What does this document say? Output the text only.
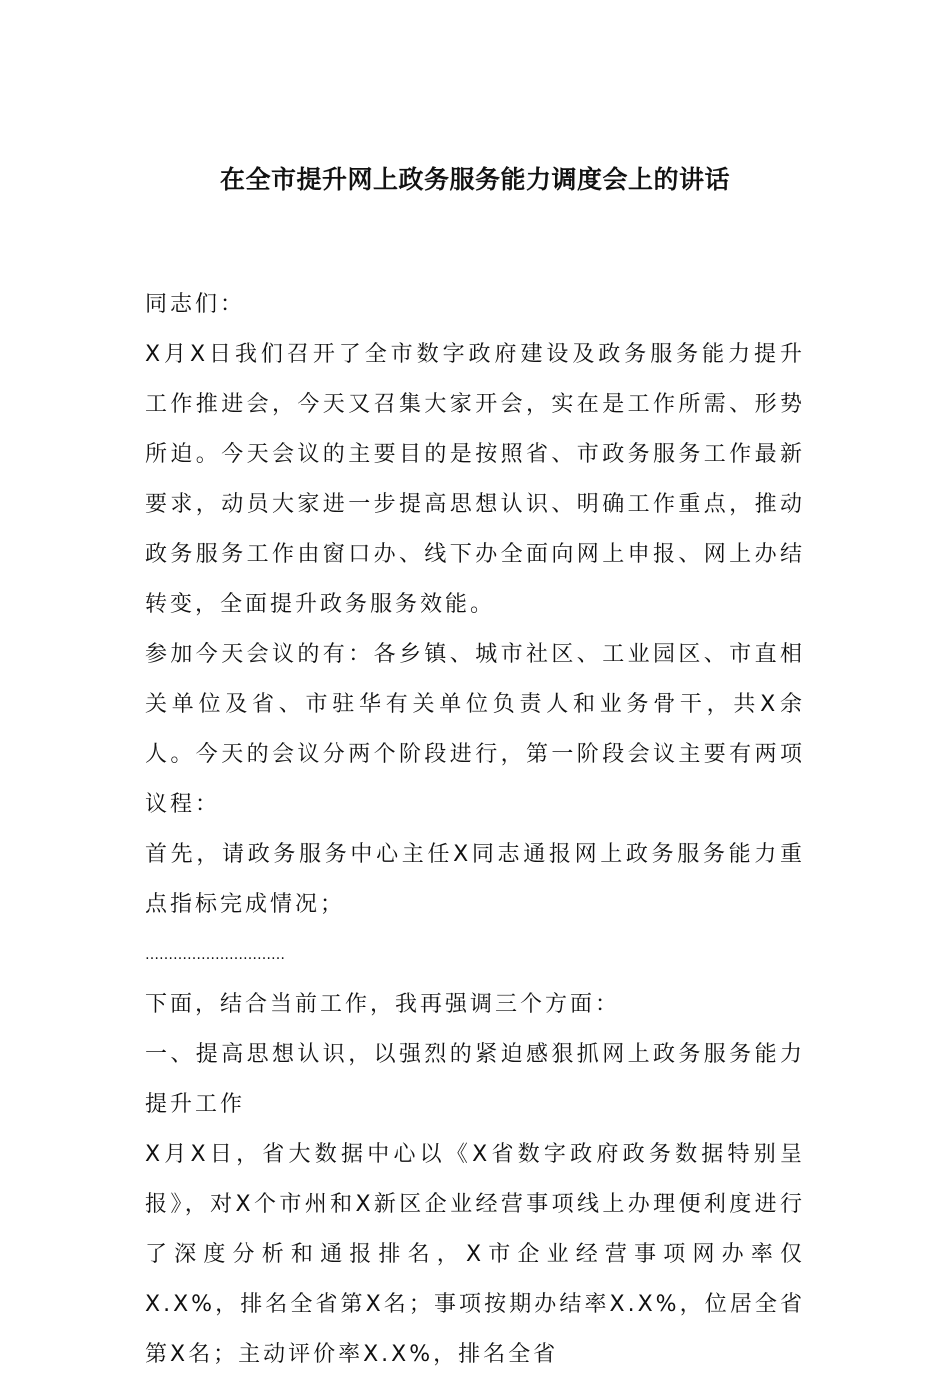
在全市提升网上政务服务能力调度会上的讲话

同志们：

X月X日我们召开了全市数字政府建设及政务服务能力提升工作推进会，今天又召集大家开会，实在是工作所需、形势所迫。今天会议的主要目的是按照省、市政务服务工作最新要求，动员大家进一步提高思想认识、明确工作重点，推动政务服务工作由窗口办、线下办全面向网上申报、网上办结转变，全面提升政务服务效能。

参加今天会议的有：各乡镇、城市社区、工业园区、市直相关单位及省、市驻华有关单位负责人和业务骨干，共X余人。今天的会议分两个阶段进行，第一阶段会议主要有两项议程：

首先，请政务服务中心主任X同志通报网上政务服务能力重点指标完成情况；

…………………………

下面，结合当前工作，我再强调三个方面：

一、提高思想认识，以强烈的紧迫感狠抓网上政务服务能力提升工作

X月X日，省大数据中心以《X省数字政府政务数据特别呈报》，对X个市州和X新区企业经营事项线上办理便利度进行了深度分析和通报排名，X市企业经营事项网办率仅X.X%，排名全省第X名；事项按期办结率X.X%，位居全省第X名；主动评价率X.X%，排名全省
